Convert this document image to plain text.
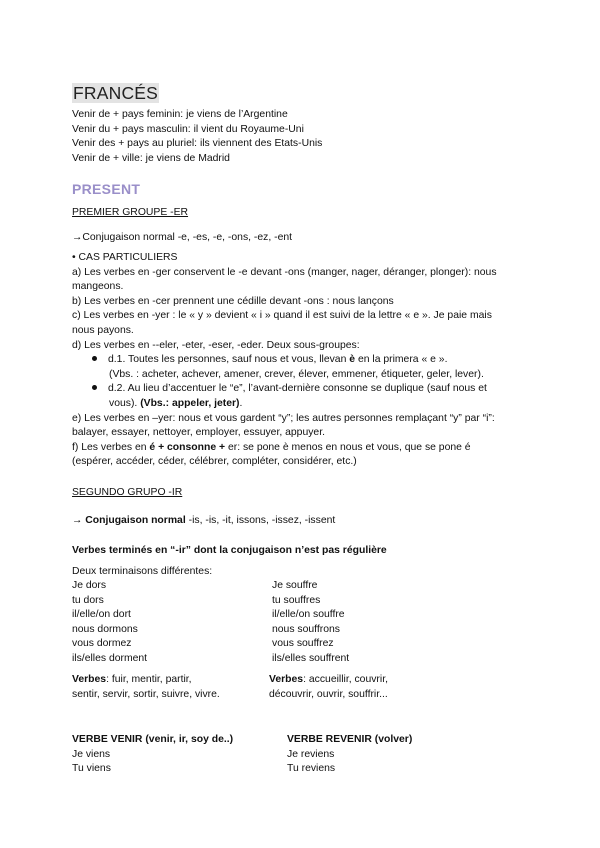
FRANCÉS
Venir de + pays feminin: je viens de l’Argentine
Venir du + pays masculin: il vient du Royaume-Uni
Venir des + pays au pluriel: ils viennent des Etats-Unis
Venir de + ville: je viens de Madrid
PRESENT
PREMIER GROUPE -ER
→Conjugaison normal -e, -es, -e, -ons, -ez, -ent
• CAS PARTICULIERS
a) Les verbes en -ger conservent le -e devant -ons (manger, nager, déranger, plonger): nous
mangeons.
b) Les verbes en -cer prennent une cédille devant -ons : nous lançons
c) Les verbes en -yer : le « y » devient « i » quand il est suivi de la lettre « e ». Je paie mais
nous payons.
d) Les verbes en --eler, -eter, -eser, -eder. Deux sous-groupes:
d.1. Toutes les personnes, sauf nous et vous, llevan è en la primera « e ».
(Vbs. : acheter, achever, amener, crever, élever, emmener, étiqueter, geler, lever).
d.2. Au lieu d’accentuer le “e”, l’avant-dernière consonne se duplique (sauf nous et
vous). (Vbs.: appeler, jeter).
e) Les verbes en –yer: nous et vous gardent “y”; les autres personnes remplaçant “y” par “i”:
balayer, essayer, nettoyer, employer, essuyer, appuyer.
f) Les verbes en é + consonne + er: se pone è menos en nous et vous, que se pone é
(espérer, accéder, céder, célébrer, compléter, considérer, etc.)
SEGUNDO GRUPO -IR
→ Conjugaison normal -is, -is, -it, issons, -issez, -issent
Verbes terminés en “-ir” dont la conjugaison n’est pas régulière
Deux terminaisons différentes:
Je dors
tu dors
il/elle/on dort
nous dormons
vous dormez
ils/elles dorment
Je souffre
tu souffres
il/elle/on souffre
nous souffrons
vous souffrez
ils/elles souffrent
Verbes: fuir, mentir, partir,
sentir, servir, sortir, suivre, vivre.
Verbes: accueillir, couvrir,
découvrir, ouvrir, souffrir...
VERBE VENIR (venir, ir, soy de..)
Je viens
Tu viens
VERBE REVENIR (volver)
Je reviens
Tu reviens
